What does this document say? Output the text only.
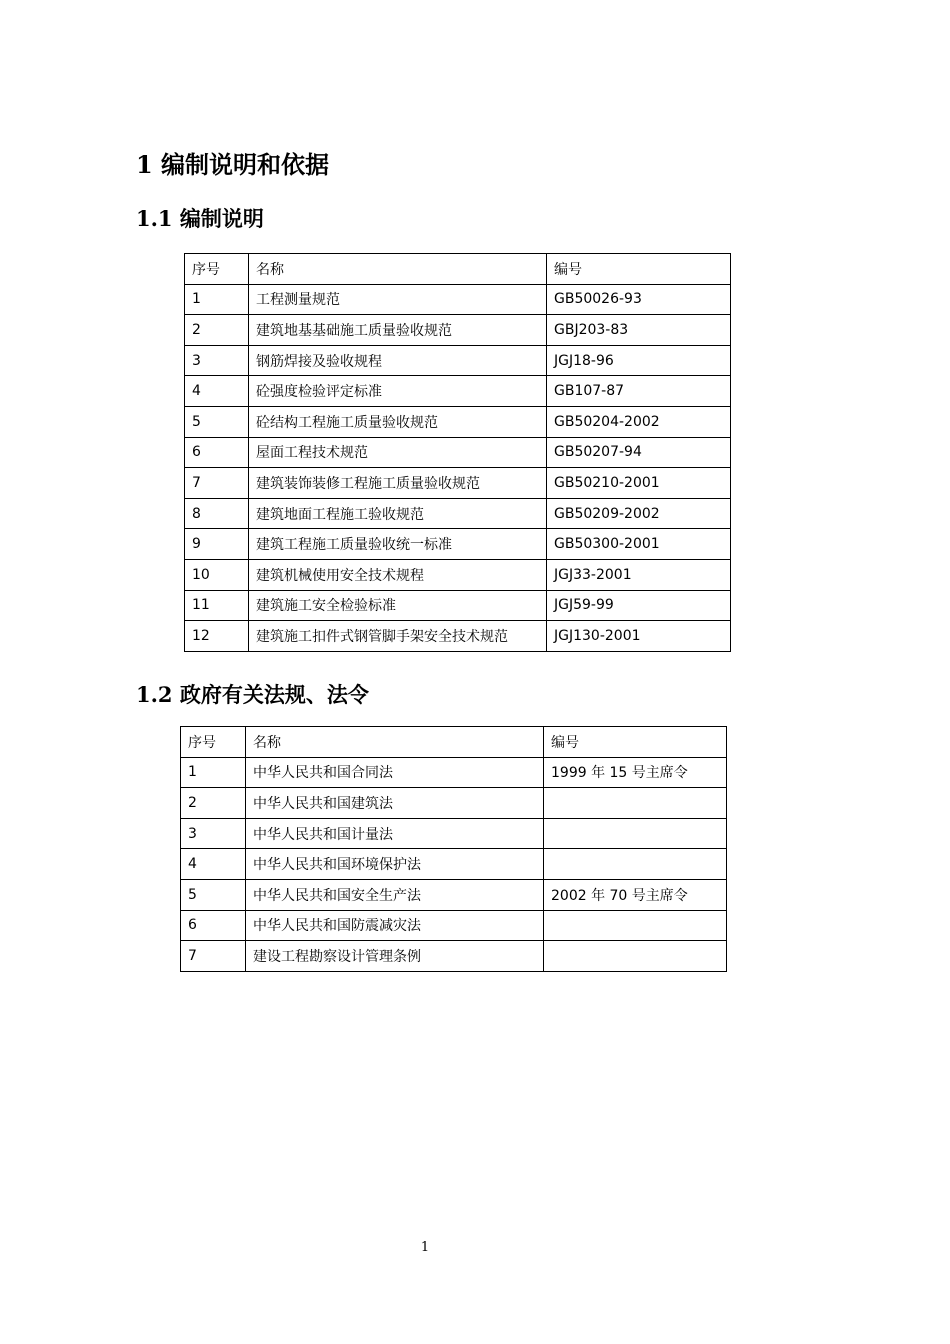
1 编制说明和依据
1.1 编制说明
序号	名称	编号
1	工程测量规范	GB50026-93
2	建筑地基基础施工质量验收规范	GBJ203-83
3	钢筋焊接及验收规程	JGJ18-96
4	砼强度检验评定标准	GB107-87
5	砼结构工程施工质量验收规范	GB50204-2002
6	屋面工程技术规范	GB50207-94
7	建筑装饰装修工程施工质量验收规范	GB50210-2001
8	建筑地面工程施工验收规范	GB50209-2002
9	建筑工程施工质量验收统一标准	GB50300-2001
10	建筑机械使用安全技术规程	JGJ33-2001
11	建筑施工安全检验标准	JGJ59-99
12	建筑施工扣件式钢管脚手架安全技术规范	JGJ130-2001
1.2 政府有关法规、法令
序号	名称	编号
1	中华人民共和国合同法	1999 年 15 号主席令
2	中华人民共和国建筑法	
3	中华人民共和国计量法	
4	中华人民共和国环境保护法	
5	中华人民共和国安全生产法	2002 年 70 号主席令
6	中华人民共和国防震减灾法	
7	建设工程勘察设计管理条例	
1
